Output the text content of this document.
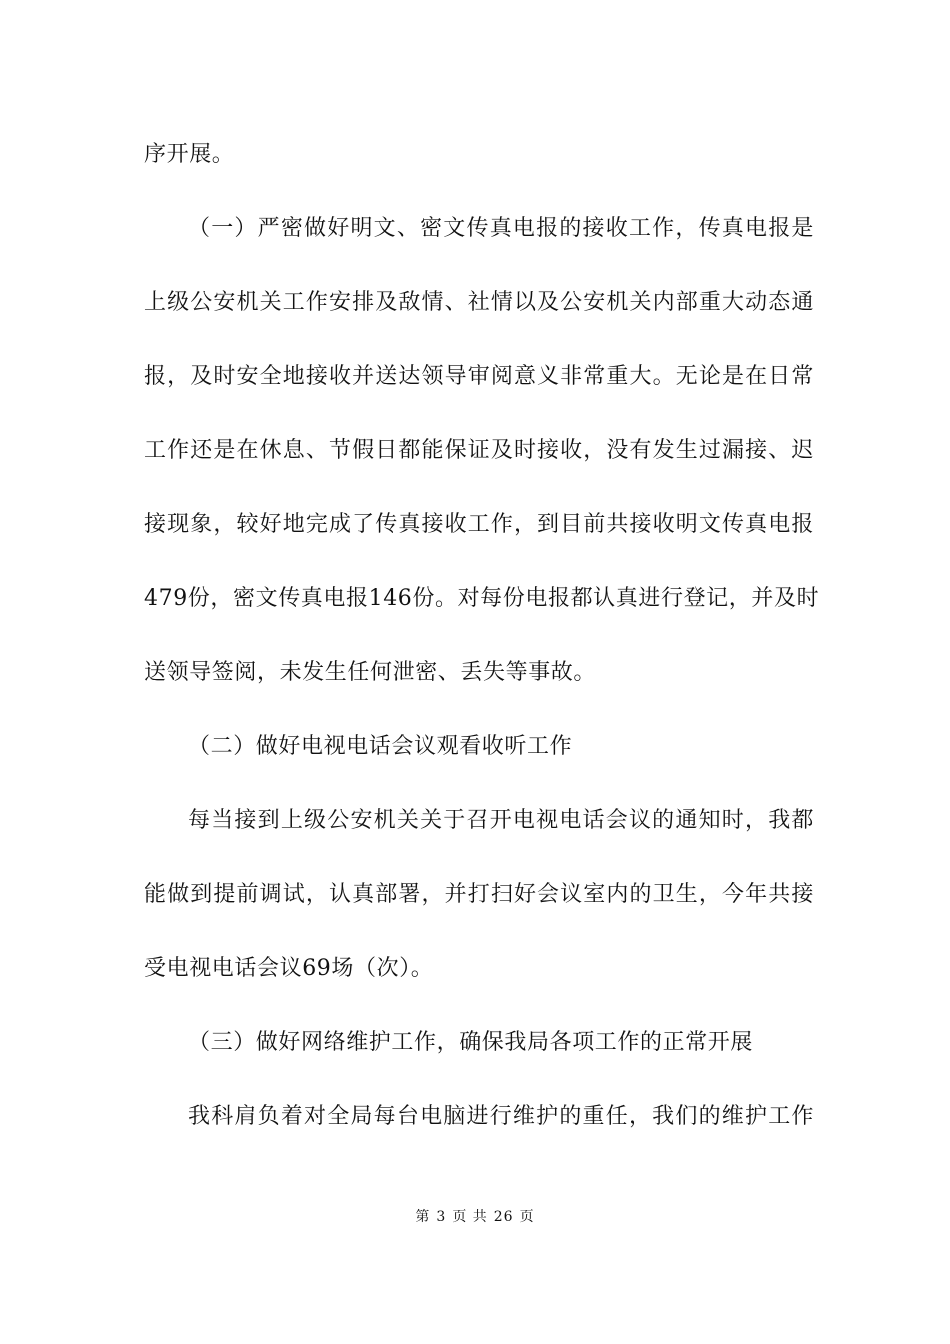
序开展。
（一）严密做好明文、密文传真电报的接收工作，传真电报是
上级公安机关工作安排及敌情、社情以及公安机关内部重大动态通
报，及时安全地接收并送达领导审阅意义非常重大。无论是在日常
工作还是在休息、节假日都能保证及时接收，没有发生过漏接、迟
接现象，较好地完成了传真接收工作，到目前共接收明文传真电报
479份，密文传真电报146份。对每份电报都认真进行登记，并及时
送领导签阅，未发生任何泄密、丢失等事故。
（二）做好电视电话会议观看收听工作
每当接到上级公安机关关于召开电视电话会议的通知时，我都
能做到提前调试，认真部署，并打扫好会议室内的卫生，今年共接
受电视电话会议69场（次）。
（三）做好网络维护工作，确保我局各项工作的正常开展
我科肩负着对全局每台电脑进行维护的重任，我们的维护工作
第 3 页 共 26 页
